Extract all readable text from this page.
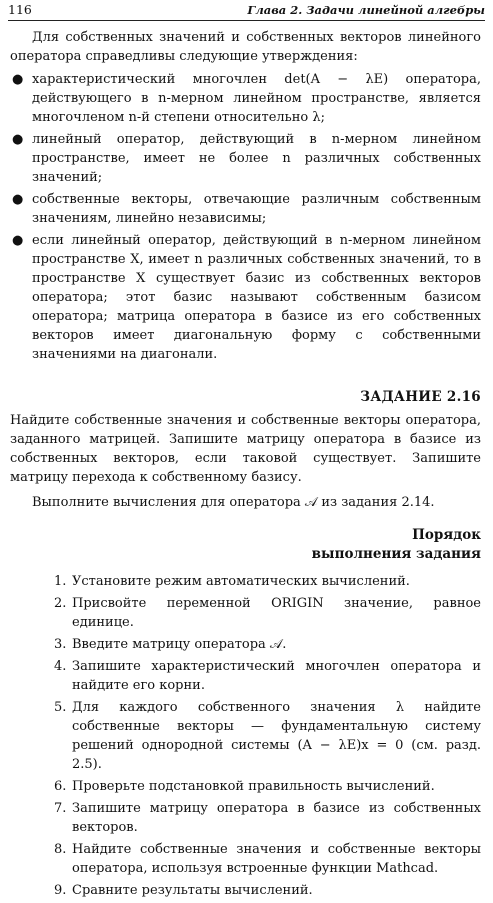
116	Глава 2. Задачи линейной алгебры

Для собственных значений и собственных векторов линейного оператора справедливы следующие утверждения:

● характеристический многочлен det(A − λE) оператора, действующего в n-мерном линейном пространстве, является многочленом n-й степени относительно λ;
● линейный оператор, действующий в n-мерном линейном пространстве, имеет не более n различных собственных значений;
● собственные векторы, отвечающие различным собственным значениям, линейно независимы;
● если линейный оператор, действующий в n-мерном линейном пространстве X, имеет n различных собственных значений, то в пространстве X существует базис из собственных векторов оператора; этот базис называют собственным базисом оператора; матрица оператора в базисе из его собственных векторов имеет диагональную форму с собственными значениями на диагонали.
ЗАДАНИЕ 2.16

Найдите собственные значения и собственные векторы оператора, заданного матрицей. Запишите матрицу оператора в базисе из собственных векторов, если таковой существует. Запишите матрицу перехода к собственному базису.

Выполните вычисления для оператора 𝒜 из задания 2.14.

Порядок
выполнения задания
1. Установите режим автоматических вычислений.
2. Присвойте переменной ORIGIN значение, равное единице.
3. Введите матрицу оператора 𝒜.
4. Запишите характеристический многочлен оператора и найдите его корни.
5. Для каждого собственного значения λ найдите собственные векторы — фундаментальную систему решений однородной системы (A − λE)x = 0 (см. разд. 2.5).
6. Проверьте подстановкой правильность вычислений.
7. Запишите матрицу оператора в базисе из собственных векторов.
8. Найдите собственные значения и собственные векторы оператора, используя встроенные функции Mathcad.
9. Сравните результаты вычислений.
